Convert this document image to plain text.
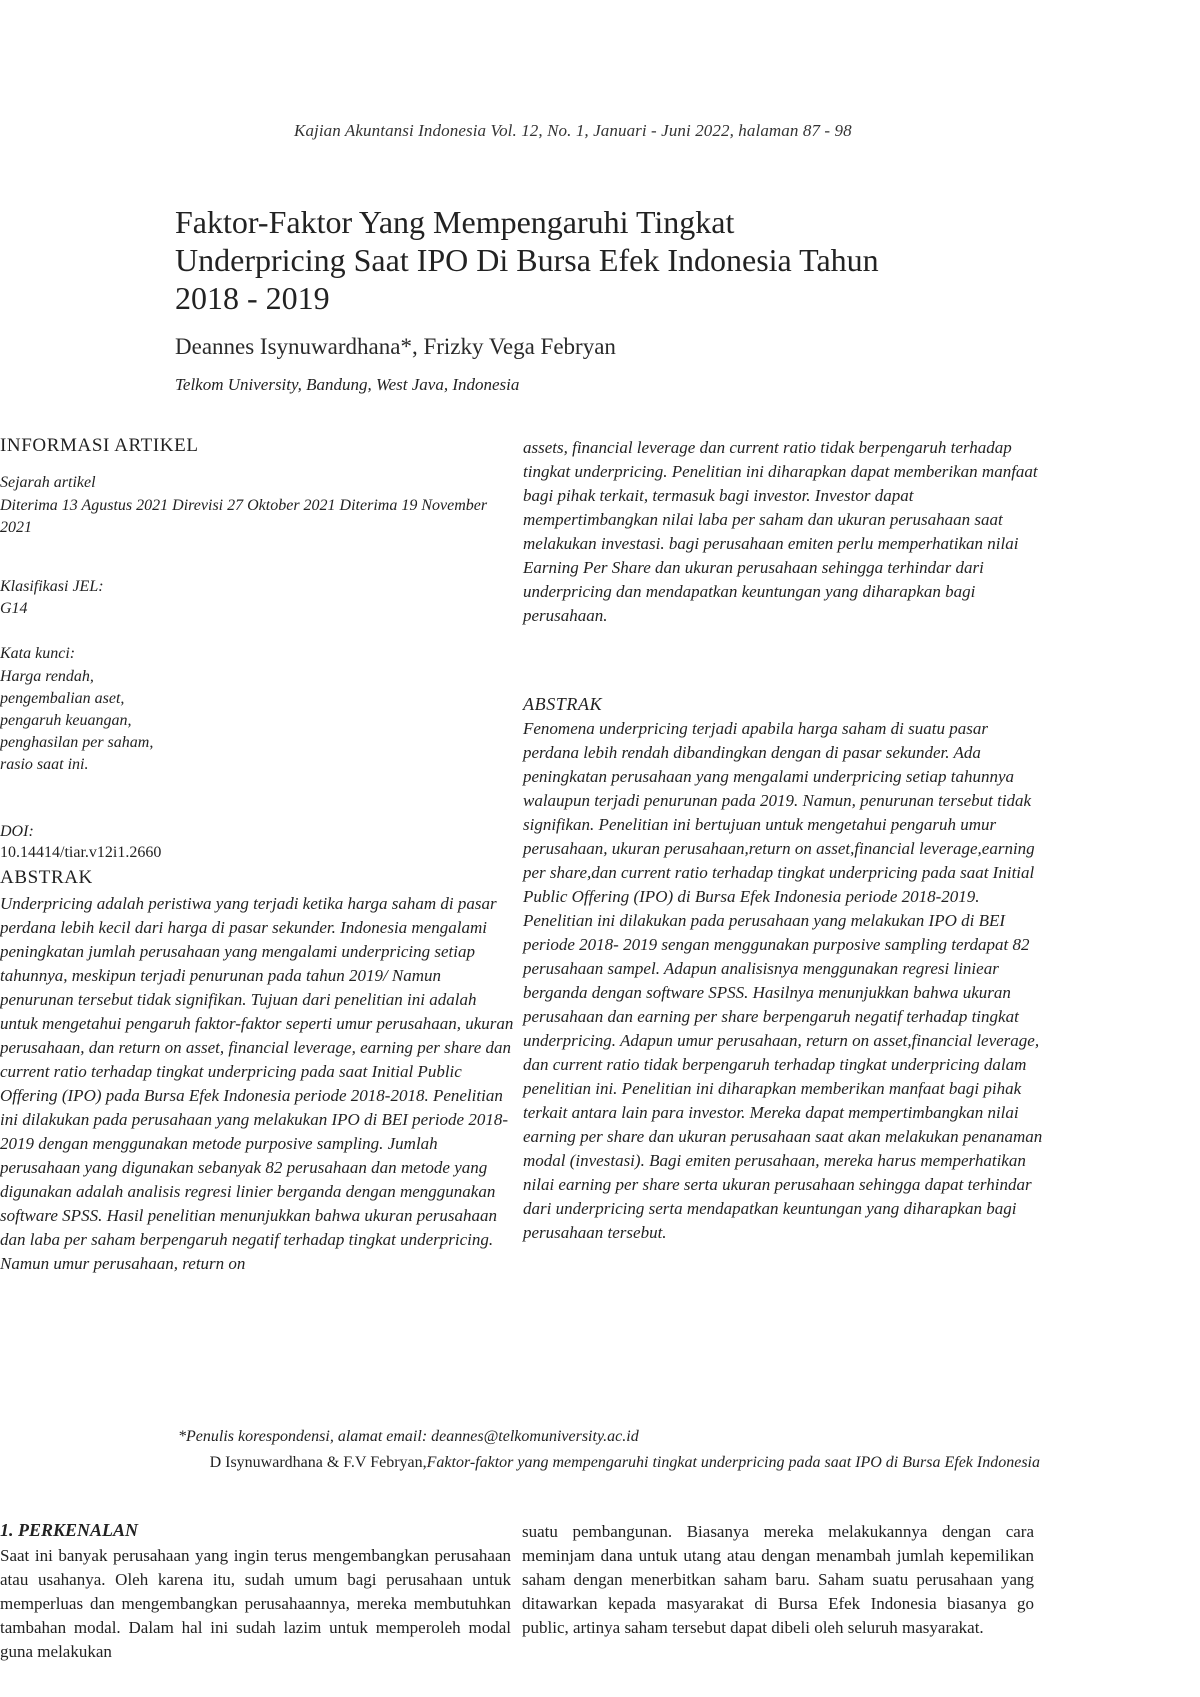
Kajian Akuntansi Indonesia Vol. 12, No. 1, Januari - Juni 2022, halaman 87 - 98
Faktor-Faktor Yang Mempengaruhi Tingkat
Underpricing Saat IPO Di Bursa Efek Indonesia Tahun
2018 - 2019
Deannes Isynuwardhana*, Frizky Vega Febryan
Telkom University, Bandung, West Java, Indonesia
INFORMASI ARTIKEL
Sejarah artikel
Diterima 13 Agustus 2021 Direvisi 27 Oktober 2021 Diterima 19 November 2021
Klasifikasi JEL:
G14
Kata kunci:

Harga rendah,

pengembalian aset,

pengaruh keuangan,

penghasilan per saham,

rasio saat ini.

DOI:
10.14414/tiar.v12i1.2660
ABSTRAK

Underpricing adalah peristiwa yang terjadi ketika harga saham di pasar perdana lebih kecil dari harga di pasar sekunder. Indonesia mengalami peningkatan jumlah perusahaan yang mengalami underpricing setiap tahunnya, meskipun terjadi penurunan pada tahun 2019/ Namun penurunan tersebut tidak signifikan. Tujuan dari penelitian ini adalah untuk mengetahui pengaruh faktor-faktor seperti umur perusahaan, ukuran perusahaan, dan return on asset, financial leverage, earning per share dan current ratio terhadap tingkat underpricing pada saat Initial Public Offering (IPO) pada Bursa Efek Indonesia periode 2018-2018. Penelitian ini dilakukan pada perusahaan yang melakukan IPO di BEI periode 2018-2019 dengan menggunakan metode purposive sampling. Jumlah perusahaan yang digunakan sebanyak 82 perusahaan dan metode yang digunakan adalah analisis regresi linier berganda dengan menggunakan software SPSS. Hasil penelitian menunjukkan bahwa ukuran perusahaan dan laba per saham berpengaruh negatif terhadap tingkat underpricing. Namun umur perusahaan, return on

assets, financial leverage dan current ratio tidak berpengaruh terhadap tingkat underpricing. Penelitian ini diharapkan dapat memberikan manfaat bagi pihak terkait, termasuk bagi investor. Investor dapat mempertimbangkan nilai laba per saham dan ukuran perusahaan saat melakukan investasi. bagi perusahaan emiten perlu memperhatikan nilai Earning Per Share dan ukuran perusahaan sehingga terhindar dari underpricing dan mendapatkan keuntungan yang diharapkan bagi perusahaan.

ABSTRAK

Fenomena underpricing terjadi apabila harga saham di suatu pasar perdana lebih rendah dibandingkan dengan di pasar sekunder. Ada peningkatan perusahaan yang mengalami underpricing setiap tahunnya walaupun terjadi penurunan pada 2019. Namun, penurunan tersebut tidak signifikan. Penelitian ini bertujuan untuk mengetahui pengaruh umur perusahaan, ukuran perusahaan,return on asset,financial leverage,earning per share,dan current ratio terhadap tingkat underpricing pada saat Initial Public Offering (IPO) di Bursa Efek Indonesia periode 2018-2019. Penelitian ini dilakukan pada perusahaan yang melakukan IPO di BEI periode 2018- 2019 sengan menggunakan purposive sampling terdapat 82 perusahaan sampel. Adapun analisisnya menggunakan regresi liniear berganda dengan software SPSS. Hasilnya menunjukkan bahwa ukuran perusahaan dan earning per share berpengaruh negatif terhadap tingkat underpricing. Adapun umur perusahaan, return on asset,financial leverage, dan current ratio tidak berpengaruh terhadap tingkat underpricing dalam penelitian ini. Penelitian ini diharapkan memberikan manfaat bagi pihak terkait antara lain para investor. Mereka dapat mempertimbangkan nilai earning per share dan ukuran perusahaan saat akan melakukan penanaman modal (investasi). Bagi emiten perusahaan, mereka harus memperhatikan nilai earning per share serta ukuran perusahaan sehingga dapat terhindar dari underpricing serta mendapatkan keuntungan yang diharapkan bagi perusahaan tersebut.

*Penulis korespondensi, alamat email: deannes@telkomuniversity.ac.id
D Isynuwardhana & F.V Febryan,Faktor-faktor yang mempengaruhi tingkat underpricing pada saat IPO di Bursa Efek Indonesia
1. PERKENALAN

Saat ini banyak perusahaan yang ingin terus mengembangkan perusahaan atau usahanya. Oleh karena itu, sudah umum bagi perusahaan untuk memperluas dan mengembangkan perusahaannya, mereka membutuhkan tambahan modal. Dalam hal ini sudah lazim untuk memperoleh modal guna melakukan

suatu pembangunan. Biasanya mereka melakukannya dengan cara meminjam dana untuk utang atau dengan menambah jumlah kepemilikan saham dengan menerbitkan saham baru. Saham suatu perusahaan yang ditawarkan kepada masyarakat di Bursa Efek Indonesia biasanya go public, artinya saham tersebut dapat dibeli oleh seluruh masyarakat.
